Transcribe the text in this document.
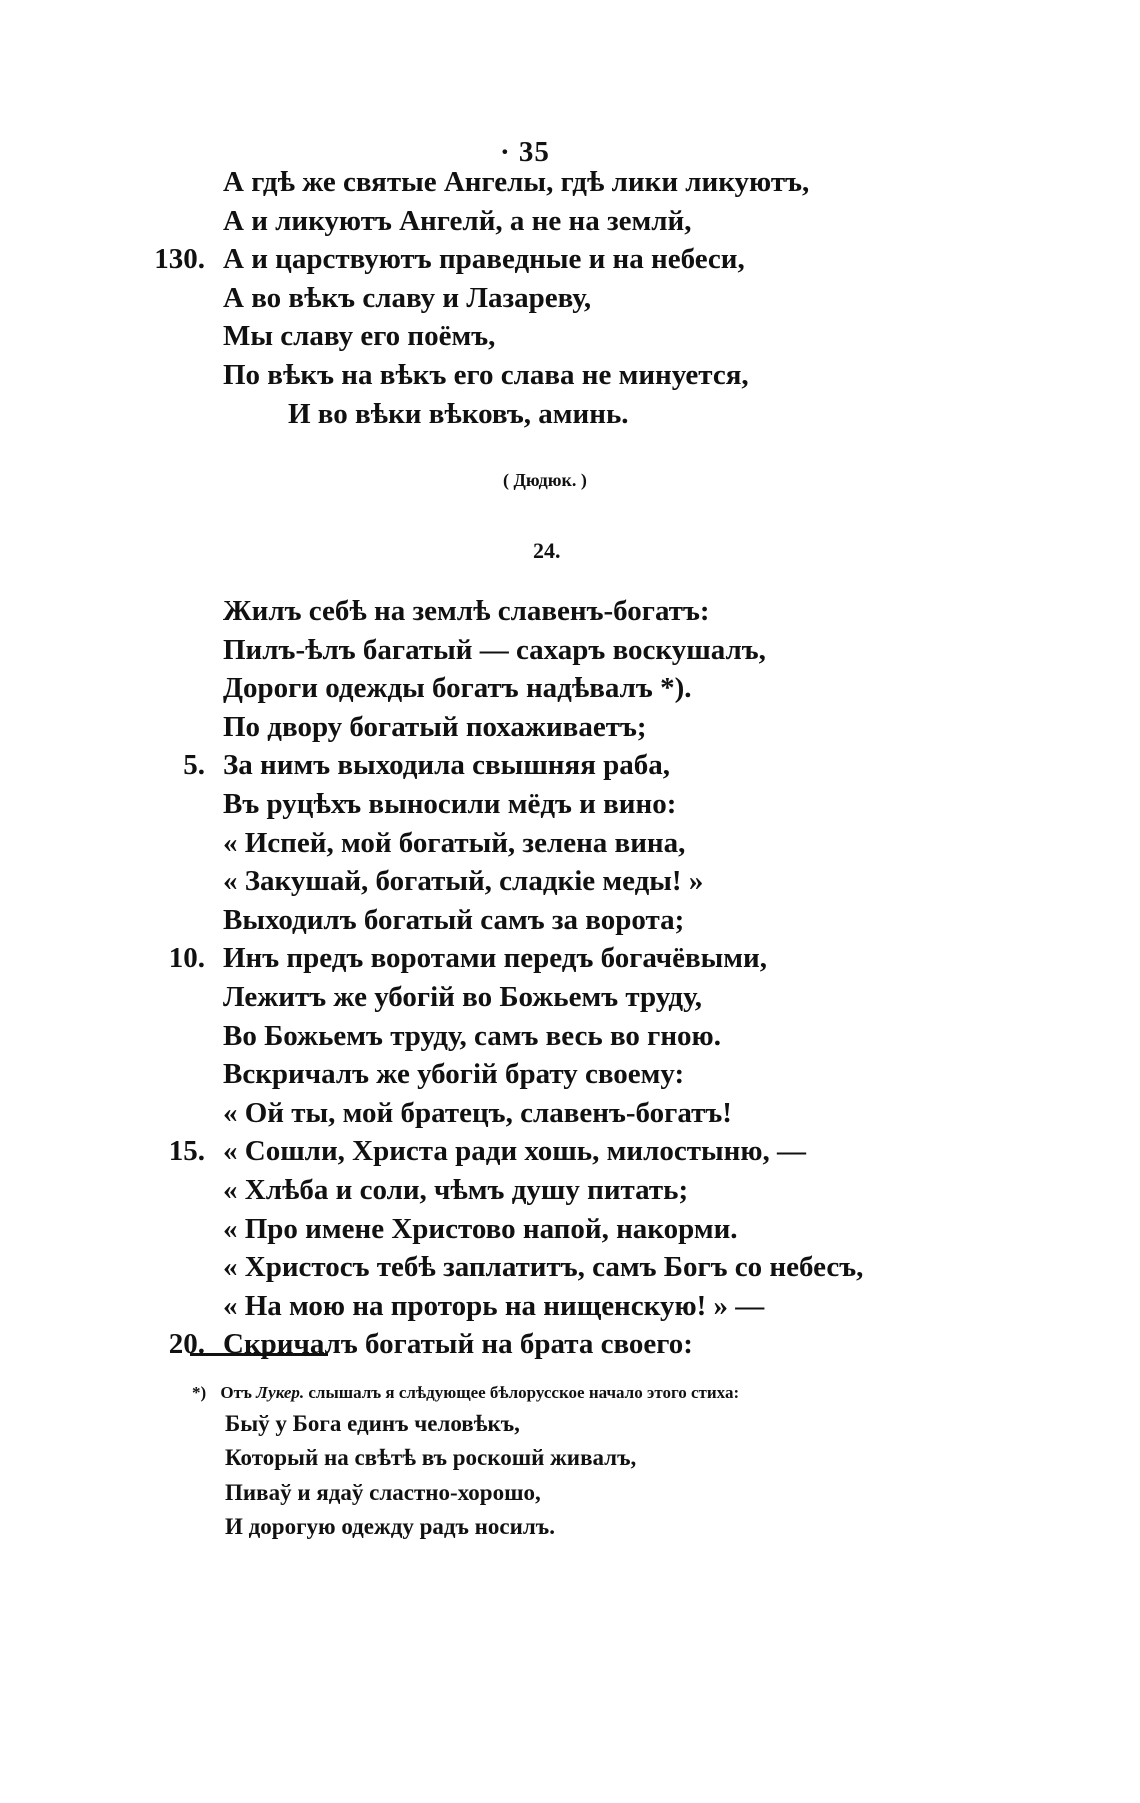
· 35
А гдѣ же святые Ангелы, гдѣ лики ликуютъ,
А и ликуютъ Ангелй, а не на землй,
130. А и царствуютъ праведные и на небеси,
А во вѣкъ славу и Лазареву,
Мы славу его поёмъ,
По вѣкъ на вѣкъ его слава не минуется,
И во вѣки вѣковъ, аминь.
( Дюдюк. )
24.
Жилъ себѣ на землѣ славенъ-богатъ:
Пилъ-ѣлъ багатый — сахаръ воскушалъ,
Дороги одежды богатъ надѣвалъ *).
По двору богатый похаживаетъ;
5. За нимъ выходила свышняя раба,
Въ руцѣхъ выносили мёдъ и вино:
« Испей, мой богатый, зелена вина,
« Закушай, богатый, сладкіе меды! »
Выходилъ богатый самъ за ворота;
10. Инъ предъ воротами передъ богачёвыми,
Лежитъ же убогій во Божьемъ труду,
Во Божьемъ труду, самъ весь во гною.
Вскричалъ же убогій брату своему:
« Ой ты, мой братецъ, славенъ-богатъ!
15. « Сошли, Христа ради хошь, милостыню, —
« Хлѣба и соли, чѣмъ душу питать;
« Про имене Христово напой, накорми.
« Христосъ тебѣ заплатитъ, самъ Богъ со небесъ,
« На мою на проторь на нищенскую! » —
20. Скричалъ богатый на брата своего:
*) Отъ Лукер. слышалъ я слѣдующее бѣлорусское начало этого стиха:
Быў у Бога единъ человѣкъ,
Который на свѣтѣ въ роскошй живалъ,
Пиваў и ядаў сластно-хорошо,
И дорогую одежду радъ носилъ.
